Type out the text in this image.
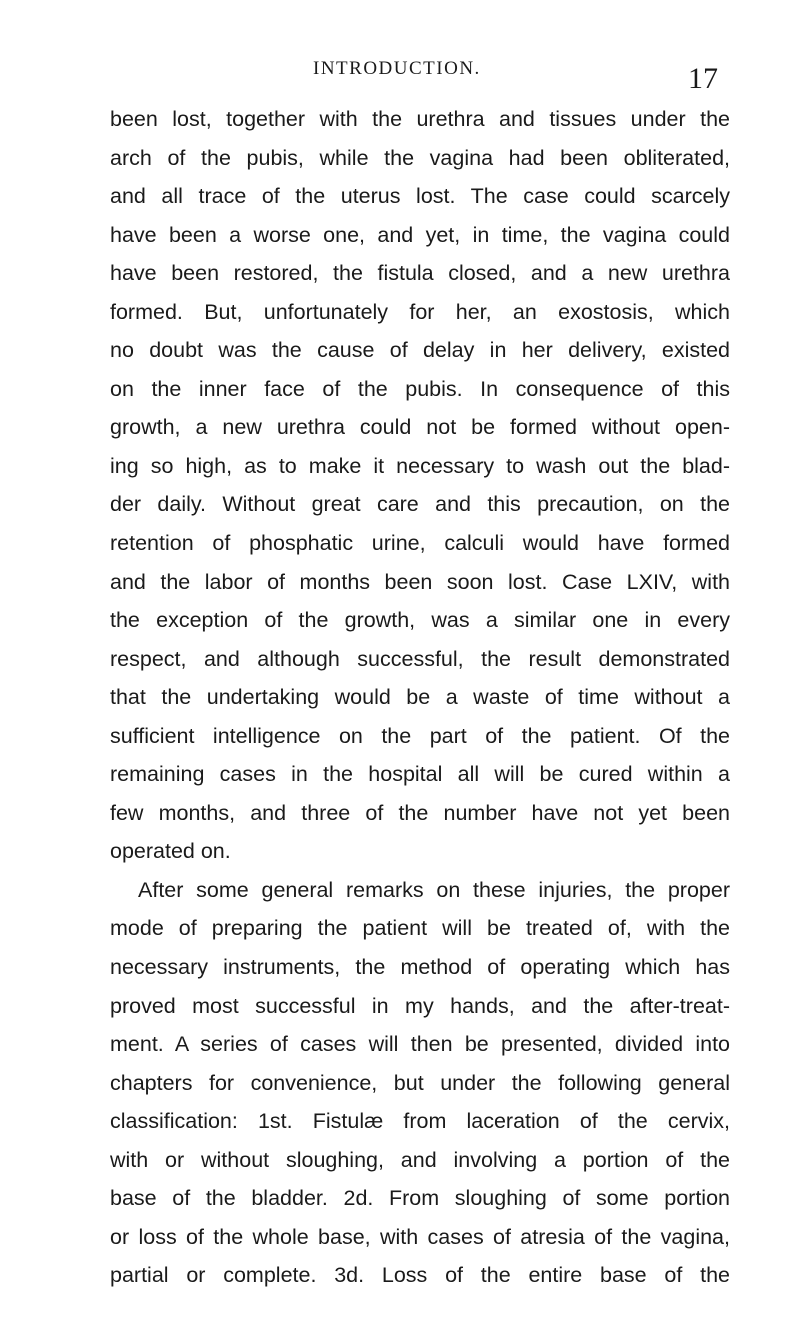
INTRODUCTION.	17
been lost, together with the urethra and tissues under the
arch of the pubis, while the vagina had been obliterated,
and all trace of the uterus lost. The case could scarcely
have been a worse one, and yet, in time, the vagina could
have been restored, the fistula closed, and a new urethra
formed. But, unfortunately for her, an exostosis, which
no doubt was the cause of delay in her delivery, existed
on the inner face of the pubis. In consequence of this
growth, a new urethra could not be formed without open-
ing so high, as to make it necessary to wash out the blad-
der daily. Without great care and this precaution, on the
retention of phosphatic urine, calculi would have formed
and the labor of months been soon lost. Case LXIV, with
the exception of the growth, was a similar one in every
respect, and although successful, the result demonstrated
that the undertaking would be a waste of time without a
sufficient intelligence on the part of the patient. Of the
remaining cases in the hospital all will be cured within a
few months, and three of the number have not yet been
operated on.
After some general remarks on these injuries, the proper
mode of preparing the patient will be treated of, with the
necessary instruments, the method of operating which has
proved most successful in my hands, and the after-treat-
ment. A series of cases will then be presented, divided into
chapters for convenience, but under the following general
classification: 1st. Fistulæ from laceration of the cervix,
with or without sloughing, and involving a portion of the
base of the bladder. 2d. From sloughing of some portion
or loss of the whole base, with cases of atresia of the vagina,
partial or complete. 3d. Loss of the entire base of the
